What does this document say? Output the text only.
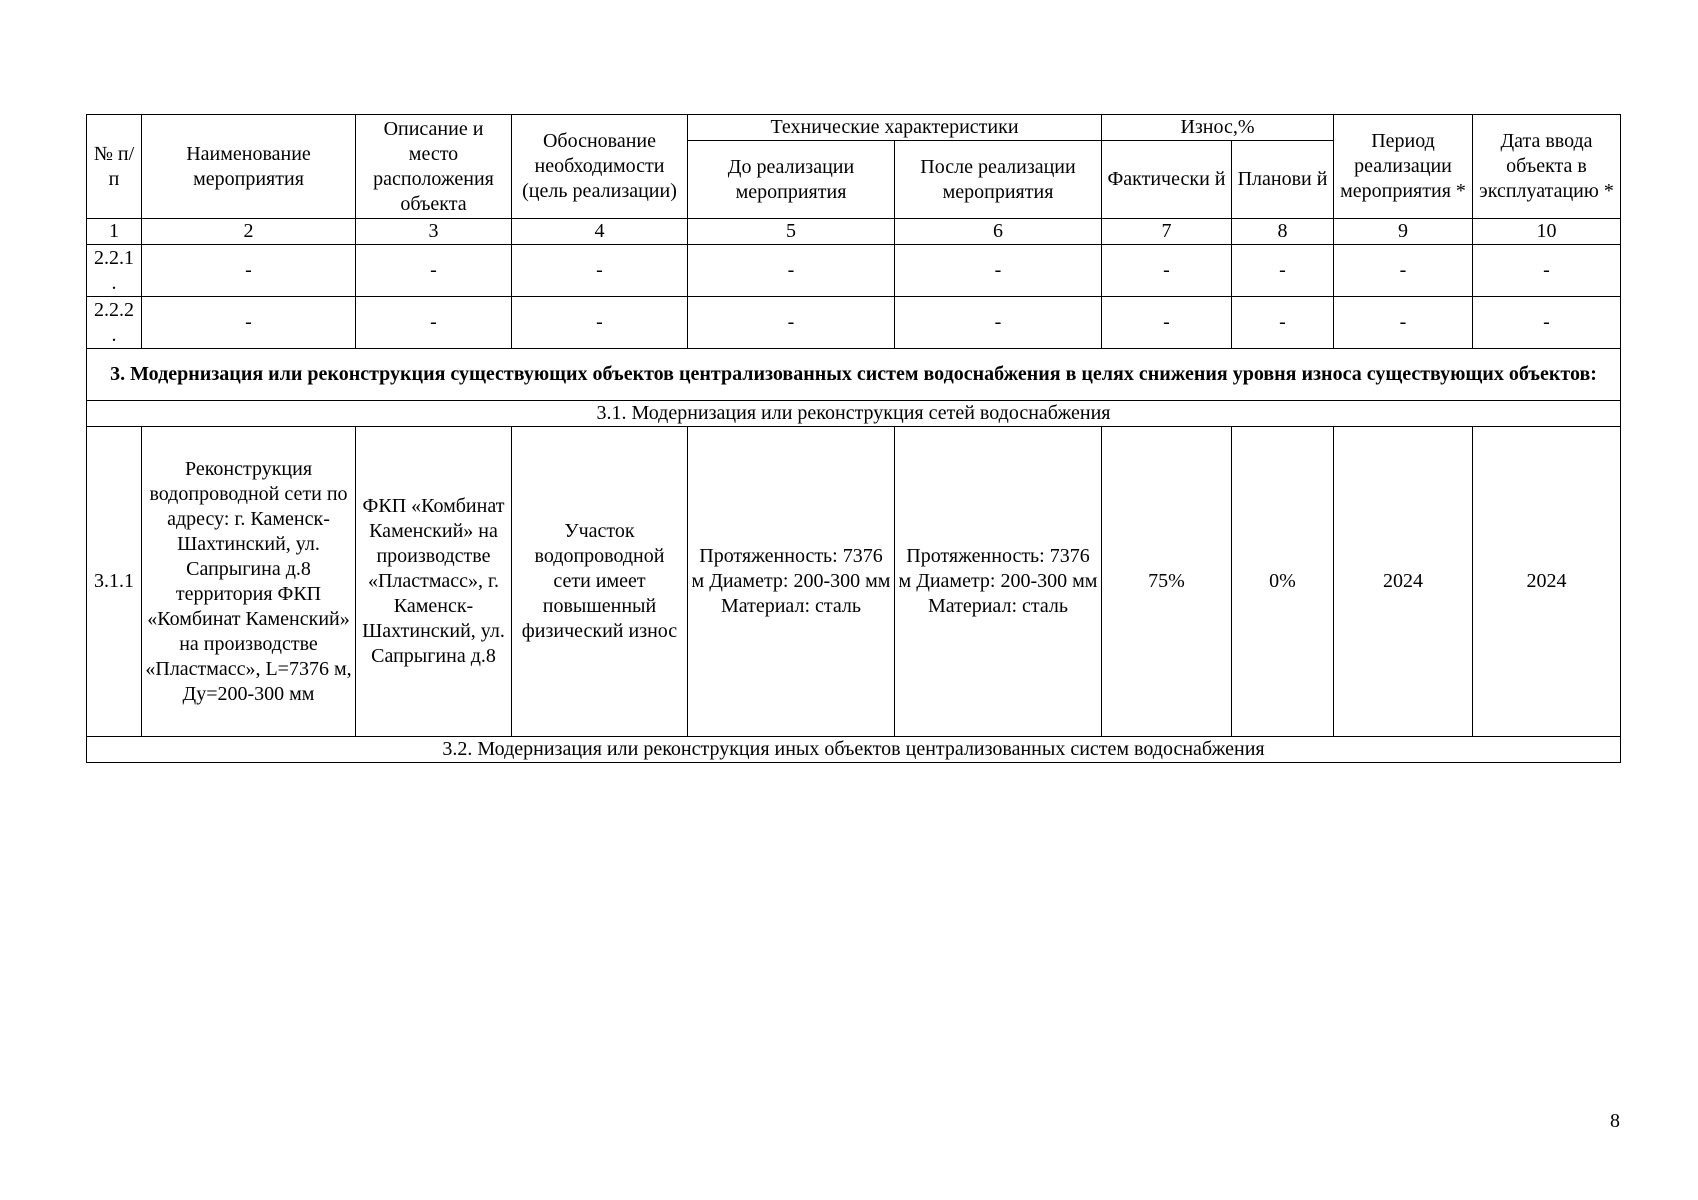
№ п/п	Наименование мероприятия	Описание и место расположения объекта	Обоснование необходимости (цель реализации)	Технические характеристики		Износ,%		Период реализации мероприятия *	Дата ввода объекта в эксплуатацию *
				До реализации мероприятия	После реализации мероприятия	Фактически й	Планови й		
1	2	3	4	5	6	7	8	9	10
2.2.1 .	-	-	-	-	-	-	-	-	-
2.2.2 .	-	-	-	-	-	-	-	-	-
3. Модернизация или реконструкция существующих объектов централизованных систем водоснабжения в целях снижения уровня износа существующих объектов:									
3.1. Модернизация или реконструкция сетей водоснабжения									
3.1.1	Реконструкция водопроводной сети по адресу: г. Каменск-Шахтинский, ул. Сапрыгина д.8 территория ФКП «Комбинат Каменский» на производстве «Пластмасс», L=7376 м, Ду=200-300 мм	ФКП «Комбинат Каменский» на производстве «Пластмасс», г. Каменск-Шахтинский, ул. Сапрыгина д.8	Участок водопроводной сети имеет повышенный физический износ	Протяженность: 7376 м Диаметр: 200-300 мм Материал: сталь	Протяженность: 7376 м Диаметр: 200-300 мм Материал: сталь	75%	0%	2024	2024
3.2. Модернизация или реконструкция иных объектов централизованных систем водоснабжения									
8
